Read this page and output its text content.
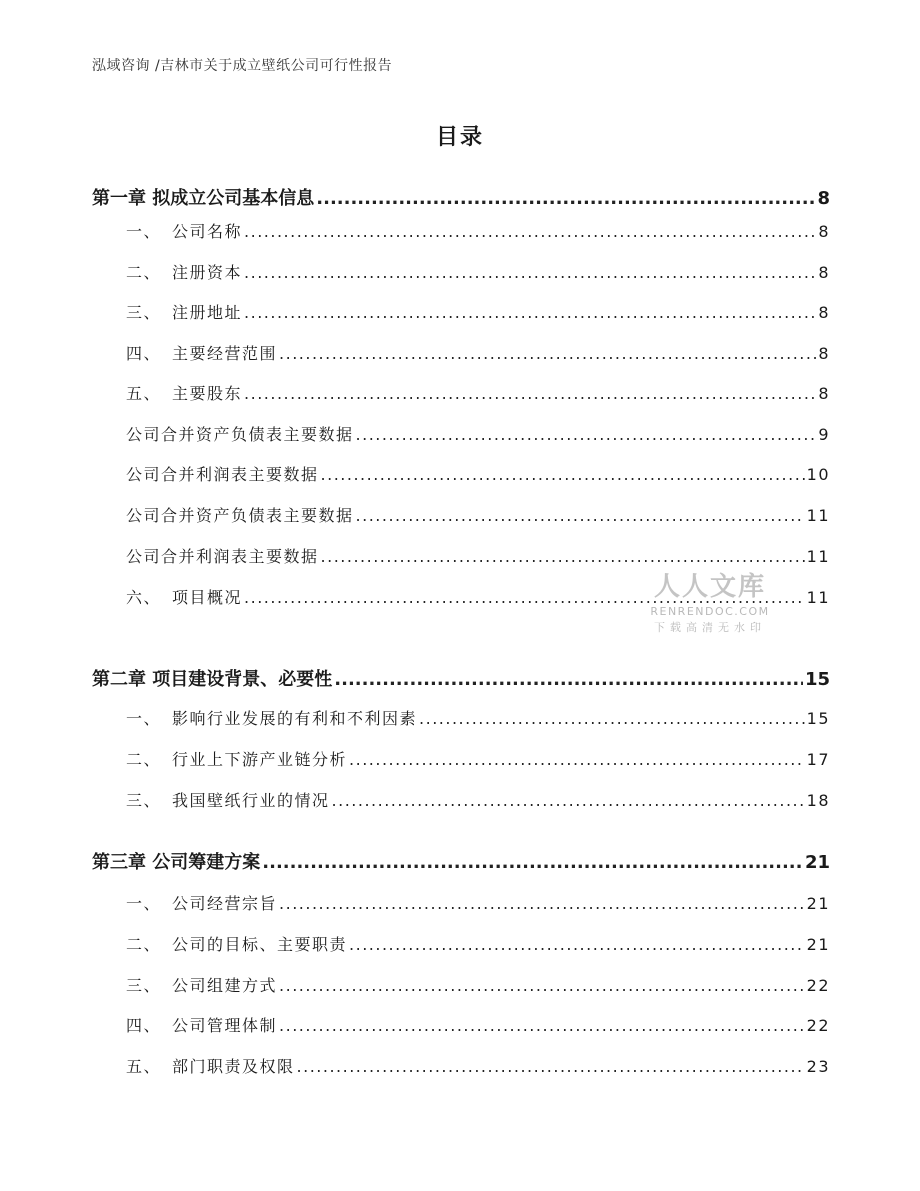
泓域咨询 /吉林市关于成立壁纸公司可行性报告
目录
第一章 拟成立公司基本信息 .....	8
一、 公司名称 .....	8
二、 注册资本 .....	8
三、 注册地址 .....	8
四、 主要经营范围 .....	8
五、 主要股东 .....	8
公司合并资产负债表主要数据 .....	9
公司合并利润表主要数据 .....	10
公司合并资产负债表主要数据 .....	11
公司合并利润表主要数据 .....	11
六、 项目概况 .....	11
第二章 项目建设背景、必要性 .....	15
一、 影响行业发展的有利和不利因素 .....	15
二、 行业上下游产业链分析 .....	17
三、 我国壁纸行业的情况 .....	18
第三章 公司筹建方案 .....	21
一、 公司经营宗旨 .....	21
二、 公司的目标、主要职责 .....	21
三、 公司组建方式 .....	22
四、 公司管理体制 .....	22
五、 部门职责及权限 .....	23
人人文库
RENRENDOC.COM
下载高清无水印
